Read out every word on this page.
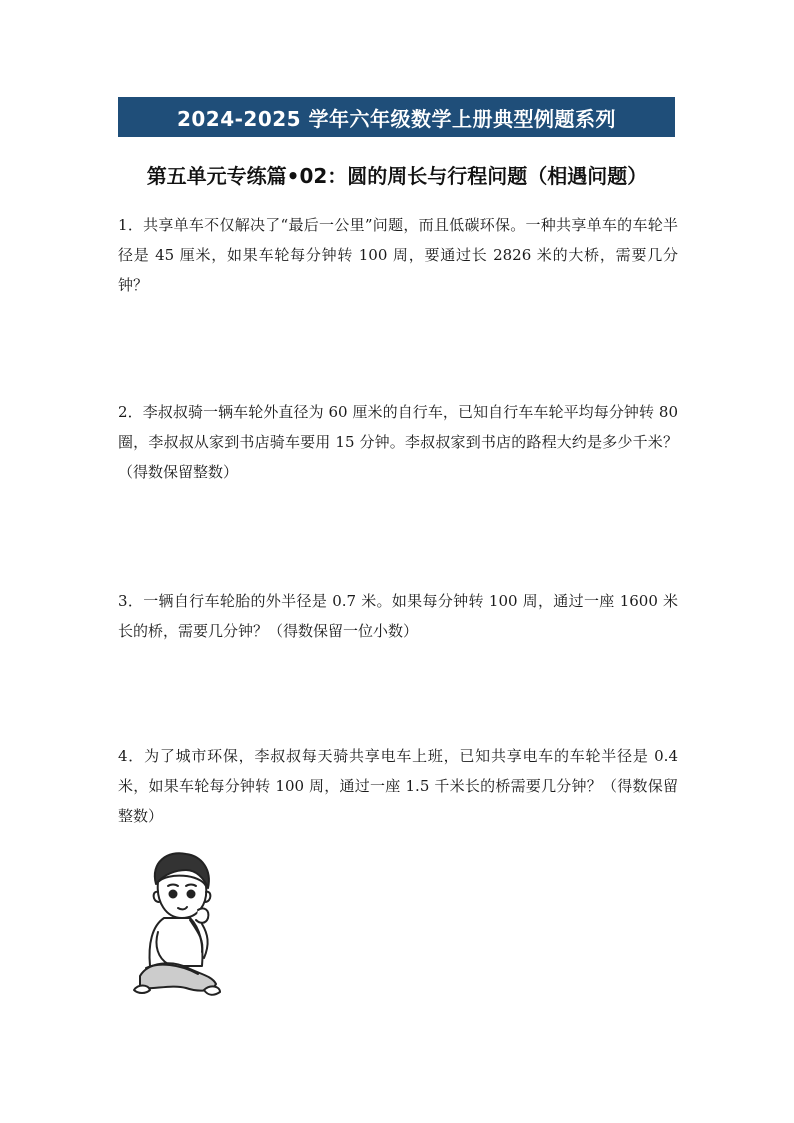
2024-2025 学年六年级数学上册典型例题系列
第五单元专练篇•02：圆的周长与行程问题（相遇问题）
1．共享单车不仅解决了“最后一公里”问题，而且低碳环保。一种共享单车的车轮半径是 45 厘米，如果车轮每分钟转 100 周，要通过长 2826 米的大桥，需要几分钟？
2．李叔叔骑一辆车轮外直径为 60 厘米的自行车，已知自行车车轮平均每分钟转 80 圈，李叔叔从家到书店骑车要用 15 分钟。李叔叔家到书店的路程大约是多少千米？（得数保留整数）
3．一辆自行车轮胎的外半径是 0.7 米。如果每分钟转 100 周，通过一座 1600 米长的桥，需要几分钟？（得数保留一位小数）
4．为了城市环保，李叔叔每天骑共享电车上班，已知共享电车的车轮半径是 0.4 米，如果车轮每分钟转 100 周，通过一座 1.5 千米长的桥需要几分钟？（得数保留整数）
